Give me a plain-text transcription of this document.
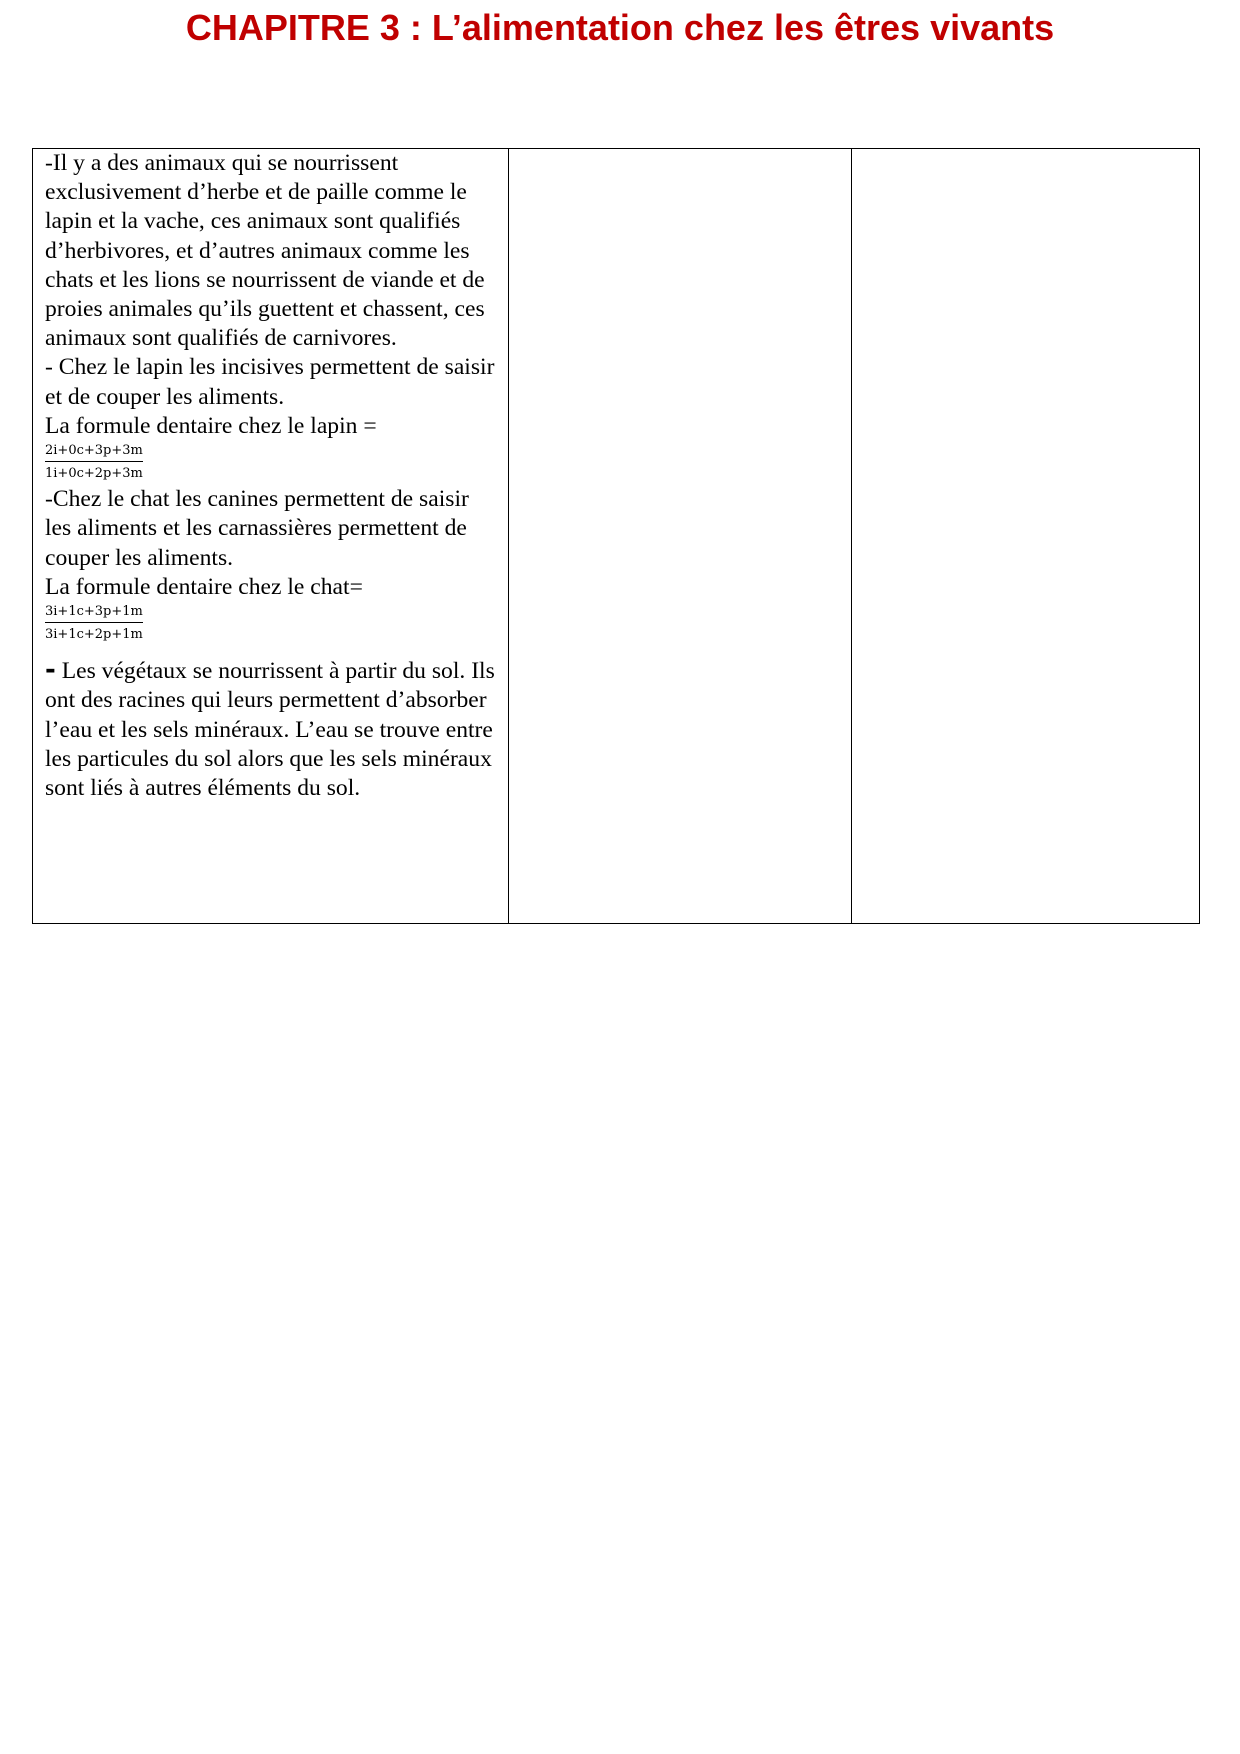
CHAPITRE 3 : L’alimentation chez les êtres vivants
-Il y a des animaux qui se nourrissent exclusivement d’herbe et de paille comme le lapin et la vache, ces animaux sont qualifiés d’herbivores, et d’autres animaux comme les chats et les lions se nourrissent de viande et de proies animales qu’ils guettent et chassent, ces animaux sont qualifiés de carnivores.
- Chez le lapin les incisives permettent de saisir et de couper les aliments.
La formule dentaire chez le lapin =
$\frac{2i+0c+3p+3m}{1i+0c+2p+3m}$
-Chez le chat les canines permettent de saisir les aliments et les carnassières permettent de couper les aliments.
La formule dentaire chez le chat=
$\frac{3i+1c+3p+1m}{3i+1c+2p+1m}$
- Les végétaux se nourrissent à partir du sol. Ils ont des racines qui leurs permettent d’absorber l’eau et les sels minéraux. L’eau se trouve entre les particules du sol alors que les sels minéraux sont liés à autres éléments du sol.
